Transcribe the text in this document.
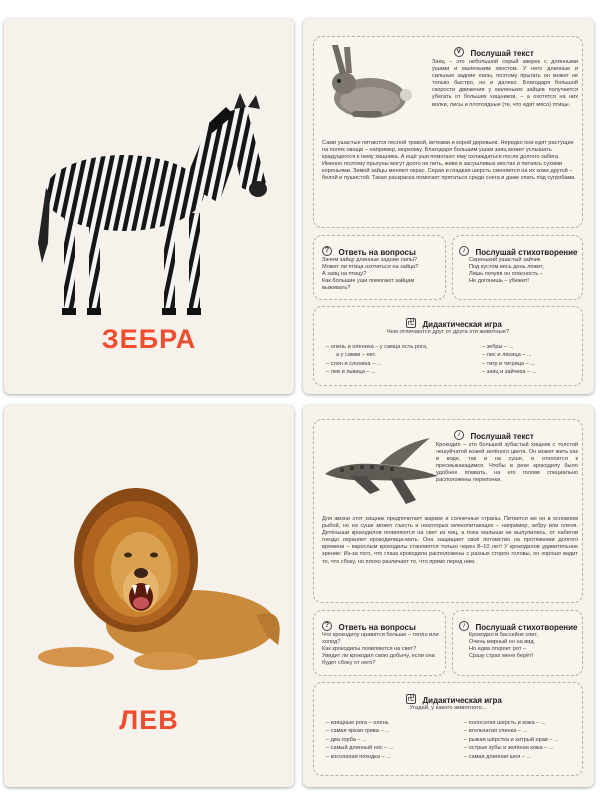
ЗЕБРА
ѷ Послушай текст
Заяц – это небольшой серый зверек с длинными ушами и маленьким хвостом. У него длинные и сильные задние лапы, поэтому прыгать он может не только быстро, но и далеко. Благодаря большой скорости движения у маленьких зайцев получается убегать от больших хищников, – а охотятся на них волки, лисы и плотоядные (те, что едят мясо) птицы.
Сами ушастые питаются лесной травой, ветками и корой деревьев. Нередко они едят растущие на полях овощи – например, морковку. Благодаря большим ушам заяц может услышать крадущегося к нему хищника. А ещё уши помогают ему охлаждаться после долгого забега. Именно поэтому прыгуны могут долго не пить, живя в засушливых местах и питаясь сухими кореньями. Зимой зайцы меняют окрас. Серая и гладкая шерсть сменяется на их коже другой – белой и пушистой. Такая раскраска помогает прятаться среди снега и даже спать под сугробами.
? Ответь на вопросы

Зачем зайцу длинные задние лапы?

Может ли птица охотиться на зайца?

А заяц на птицу?

Как большие уши помогают зайцам выживать?

♪ Послушай стихотворение

Серенький ушастый зайчик

Под кустом весь день лежит,

Лишь почуяв он опасность –

Не догонишь – убежит!

卍 Дидактическая игра
Чем отличаются друг от друга эти животные?

– олень и олениха – у самца есть рога,

а у самки – нет.

– слон и слониха – ...

– лев и львица – ...

– зебры – ...

– лис и лисица – ...

– тигр и тигрица – ...

– заяц и зайчиха – ...

ЛЕВ
♪ Послушай текст
Крокодил – это большой зубастый хищник с толстой чешуйчатой кожей зелёного цвета. Он может жить как в воде, так и на суше, и относится к пресмыкающимся. Чтобы в реке крокодилу было удобнее плавать, на его голове специально расположены перепонки.
Для жизни этот хищник предпочитает жаркие и солнечные страны. Питается же он в основном рыбой, но на суше может съесть и некоторых млекопитающих – например, зебру или оленя. Детёныши крокодилов появляются на свет из яиц, а пока малыши не вылупились, от набегов гнездо охраняет крокодилица-мать. Она защищает своё потомство на протяжении долгого времени – взрослым крокодилы становятся только через 8–10 лет! У крокодилов удивительное зрение: Из-за того, что глаза крокодила расположены с разных сторон головы, он хорошо видит то, что сбоку, но плохо различает то, что прямо перед ним.
? Ответь на вопросы

Что крокодилу нравится больше – тепло или холод?

Как крокодилы появляются на свет?

Увидит ли крокодил свою добычу, если она будет сбоку от него?

♪ Послушай стихотворение

Крокодил в бассейне спит,

Очень мирный он на вид.

Но едва откроет рот –

Сразу страх меня берёт!

卍 Дидактическая игра
Угадай, у какого животного...

– изящные рога – олень

– самая яркая грива – ...

– два горба – ...

– самый длинный нос – ...

– косолапая походка – ...

– полосатая шерсть и кожа – ...

– игольчатая спинка – ...

– рыжая шёрстка и хитрый нрав – ...

– острые зубы и зелёная кожа – ...

– самая длинная шея – ...
